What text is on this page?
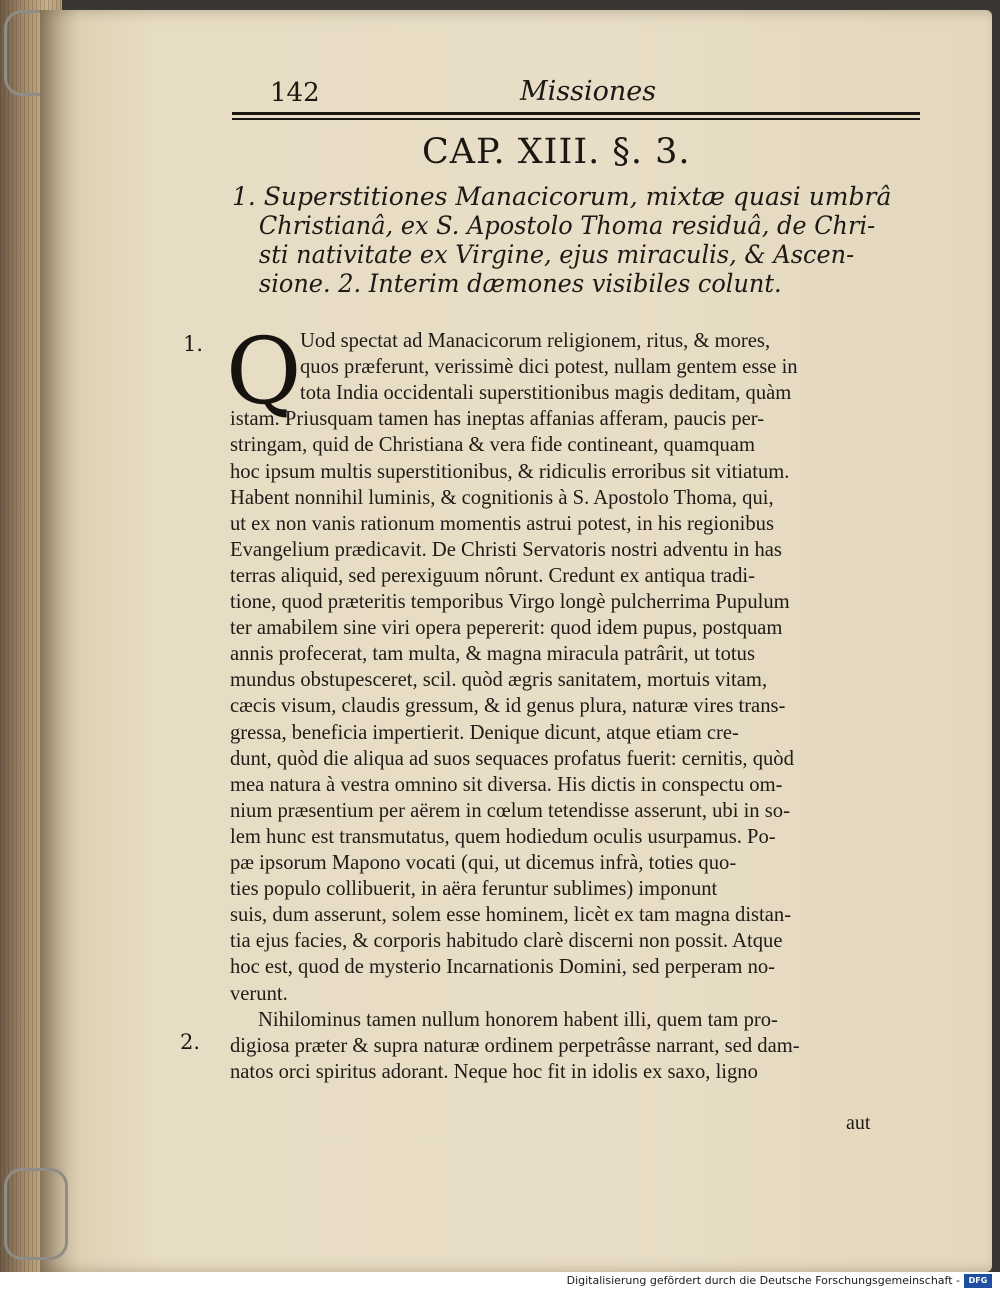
142	Missiones
CAP. XIII. §. 3.
1. Superstitiones Manacicorum, mixtæ quasi umbrâ
Christianâ, ex S. Apostolo Thoma residuâ, de Chri-
sti nativitate ex Virgine, ejus miraculis, & Ascen-
sione. 2. Interim dæmones visibiles colunt.
1.
2.
Q
Uod spectat ad Manacicorum religionem, ritus, & mores,
quos præferunt, verissimè dici potest, nullam gentem esse in
tota India occidentali superstitionibus magis deditam, quàm
istam. Priusquam tamen has ineptas affanias afferam, paucis per-
stringam, quid de Christiana & vera fide contineant, quamquam
hoc ipsum multis superstitionibus, & ridiculis erroribus sit vitiatum.
Habent nonnihil luminis, & cognitionis à S. Apostolo Thoma, qui,
ut ex non vanis rationum momentis astrui potest, in his regionibus
Evangelium prædicavit. De Christi Servatoris nostri adventu in has
terras aliquid, sed perexiguum nôrunt. Credunt ex antiqua tradi-
tione, quod præteritis temporibus Virgo longè pulcherrima Pupulum
ter amabilem sine viri opera pepererit: quod idem pupus, postquam
annis profecerat, tam multa, & magna miracula patrârit, ut totus
mundus obstupesceret, scil. quòd ægris sanitatem, mortuis vitam,
cæcis visum, claudis gressum, & id genus plura, naturæ vires trans-
gressa, beneficia impertierit. Denique dicunt, atque etiam cre-
dunt, quòd die aliqua ad suos sequaces profatus fuerit: cernitis, quòd
mea natura à vestra omnino sit diversa. His dictis in conspectu om-
nium præsentium per aërem in cœlum tetendisse asserunt, ubi in so-
lem hunc est transmutatus, quem hodiedum oculis usurpamus. Po-
pæ ipsorum Mapono vocati (qui, ut dicemus infrà, toties quo-
ties populo collibuerit, in aëra feruntur sublimes) imponunt
suis, dum asserunt, solem esse hominem, licèt ex tam magna distan-
tia ejus facies, & corporis habitudo clarè discerni non possit. Atque
hoc est, quod de mysterio Incarnationis Domini, sed perperam no-
verunt.
Nihilominus tamen nullum honorem habent illi, quem tam pro-
digiosa præter & supra naturæ ordinem perpetrâsse narrant, sed dam-
natos orci spiritus adorant. Neque hoc fit in idolis ex saxo, ligno
aut
Digitalisierung gefördert durch die Deutsche Forschungsgemeinschaft -	DFG
